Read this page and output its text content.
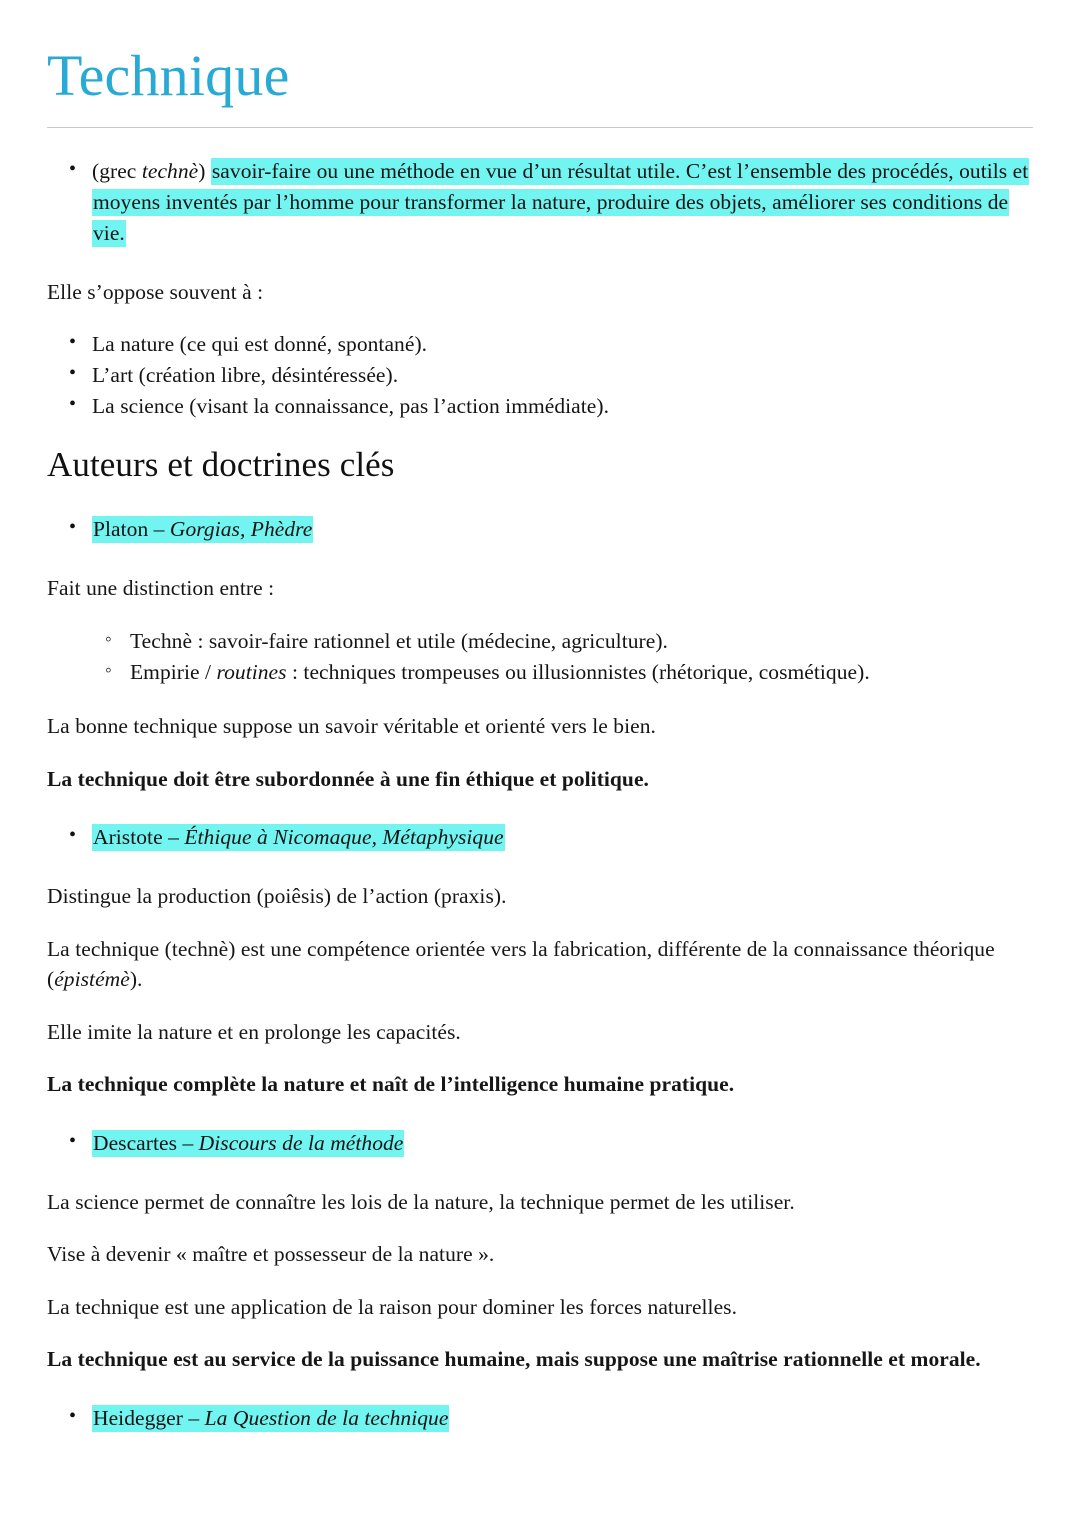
Technique
• (grec technè) savoir-faire ou une méthode en vue d’un résultat utile. C’est l’ensemble des procédés, outils et moyens inventés par l’homme pour transformer la nature, produire des objets, améliorer ses conditions de vie.

Elle s’oppose souvent à :

• La nature (ce qui est donné, spontané).
• L’art (création libre, désintéressée).
• La science (visant la connaissance, pas l’action immédiate).
Auteurs et doctrines clés
• Platon – Gorgias, Phèdre

Fait une distinction entre :

◦ Technè : savoir-faire rationnel et utile (médecine, agriculture).
◦ Empirie / routines : techniques trompeuses ou illusionnistes (rhétorique, cosmétique).

La bonne technique suppose un savoir véritable et orienté vers le bien.

La technique doit être subordonnée à une fin éthique et politique.

• Aristote – Éthique à Nicomaque, Métaphysique

Distingue la production (poiêsis) de l’action (praxis).

La technique (technè) est une compétence orientée vers la fabrication, différente de la connaissance théorique (épistémè).

Elle imite la nature et en prolonge les capacités.

La technique complète la nature et naît de l’intelligence humaine pratique.

• Descartes – Discours de la méthode

La science permet de connaître les lois de la nature, la technique permet de les utiliser.

Vise à devenir « maître et possesseur de la nature ».

La technique est une application de la raison pour dominer les forces naturelles.

La technique est au service de la puissance humaine, mais suppose une maîtrise rationnelle et morale.

• Heidegger – La Question de la technique
